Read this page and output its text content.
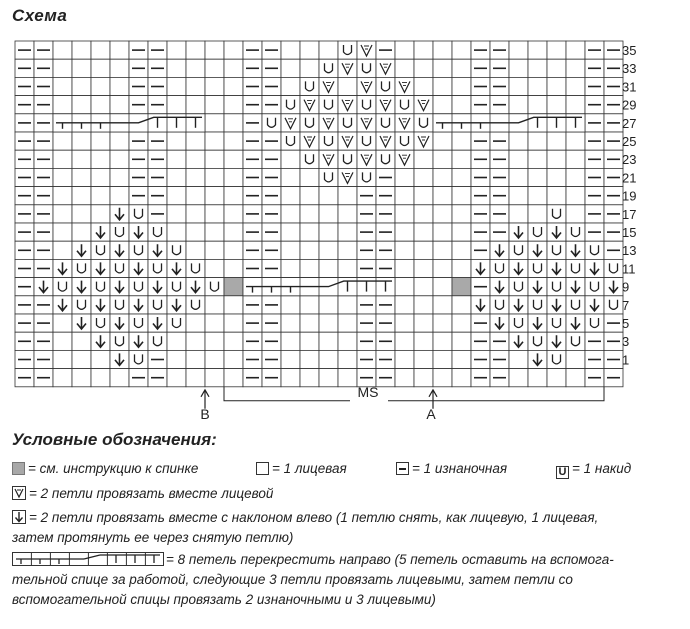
Схема
35
33
31
29
27
25
23
21
19
17
15
13
11
9
7
5
3
1
MS
B	A
Условные обозначения:
= см. инструкцию к спинке	= 1 лицевая	= 1 изнаночная	U = 1 накид
= 2 петли провязать вместе лицевой
= 2 петли провязать вместе с наклоном влево (1 петлю снять, как лицевую, 1 лицевая,
затем протянуть ее через снятую петлю)
= 8 петель перекрестить направо (5 петель оставить на вспомога-
тельной спице за работой, следующие 3 петли провязать лицевыми, затем петли со
вспомогательной спицы провязать 2 изнаночными и 3 лицевыми)
